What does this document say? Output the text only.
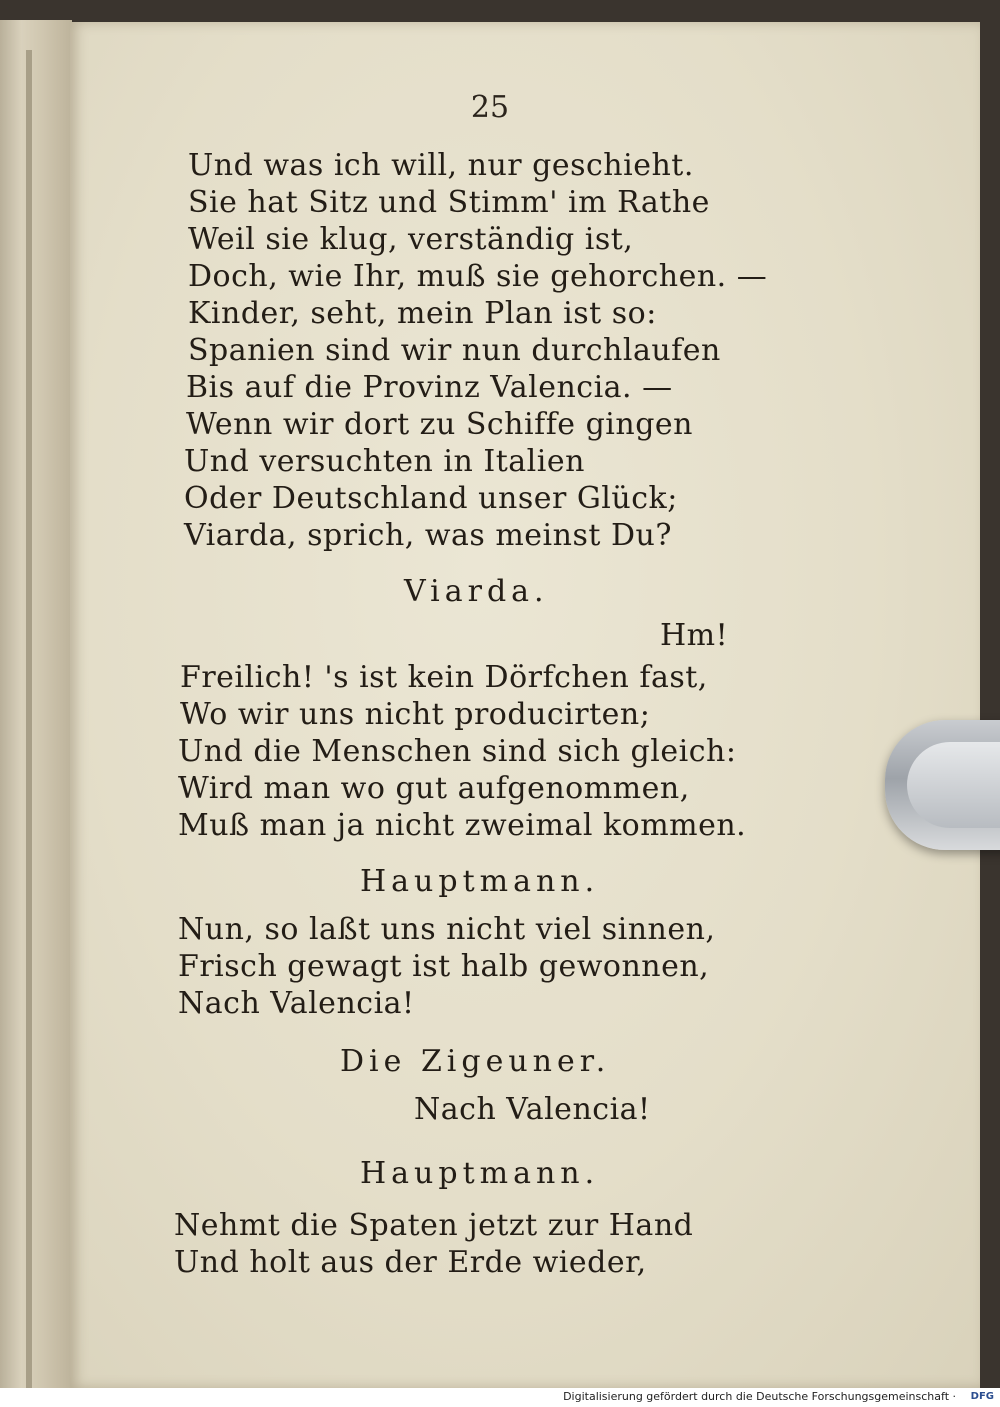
25
Und was ich will, nur geschieht.
Sie hat Sitz und Stimm' im Rathe
Weil sie klug, verständig ist,
Doch, wie Ihr, muß sie gehorchen. —
Kinder, seht, mein Plan ist so:
Spanien sind wir nun durchlaufen
Bis auf die Provinz Valencia. —
Wenn wir dort zu Schiffe gingen
Und versuchten in Italien
Oder Deutschland unser Glück;
Viarda, sprich, was meinst Du?
Viarda.
Hm!
Freilich! 's ist kein Dörfchen fast,
Wo wir uns nicht producirten;
Und die Menschen sind sich gleich:
Wird man wo gut aufgenommen,
Muß man ja nicht zweimal kommen.
Hauptmann.
Nun, so laßt uns nicht viel sinnen,
Frisch gewagt ist halb gewonnen,
Nach Valencia!
Die Zigeuner.
Nach Valencia!
Hauptmann.
Nehmt die Spaten jetzt zur Hand
Und holt aus der Erde wieder,
Digitalisierung gefördert durch die Deutsche Forschungsgemeinschaft · DFG
